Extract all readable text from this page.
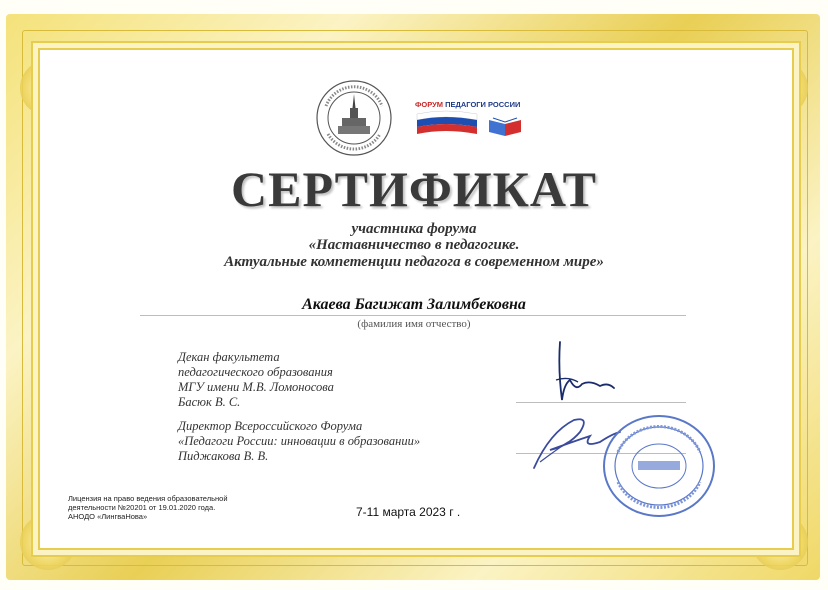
ФОРУМ ПЕДАГОГИ РОССИИ
СЕРТИФИКАТ
участника форума
«Наставничество в педагогике.
Актуальные компетенции педагога в современном мире»
Акаева Багижат Залимбековна
(фамилия имя отчество)
Декан факультета
педагогического образования
МГУ имени М.В. Ломоносова
Басюк В. С.
Директор Всероссийского Форума
«Педагоги России: инновации в образовании»
Пиджакова В. В.
Лицензия на право ведения образовательной
деятельности №20201 от 19.01.2020 года.
АНОДО «ЛингваНова»	7-11 марта 2023 г .
